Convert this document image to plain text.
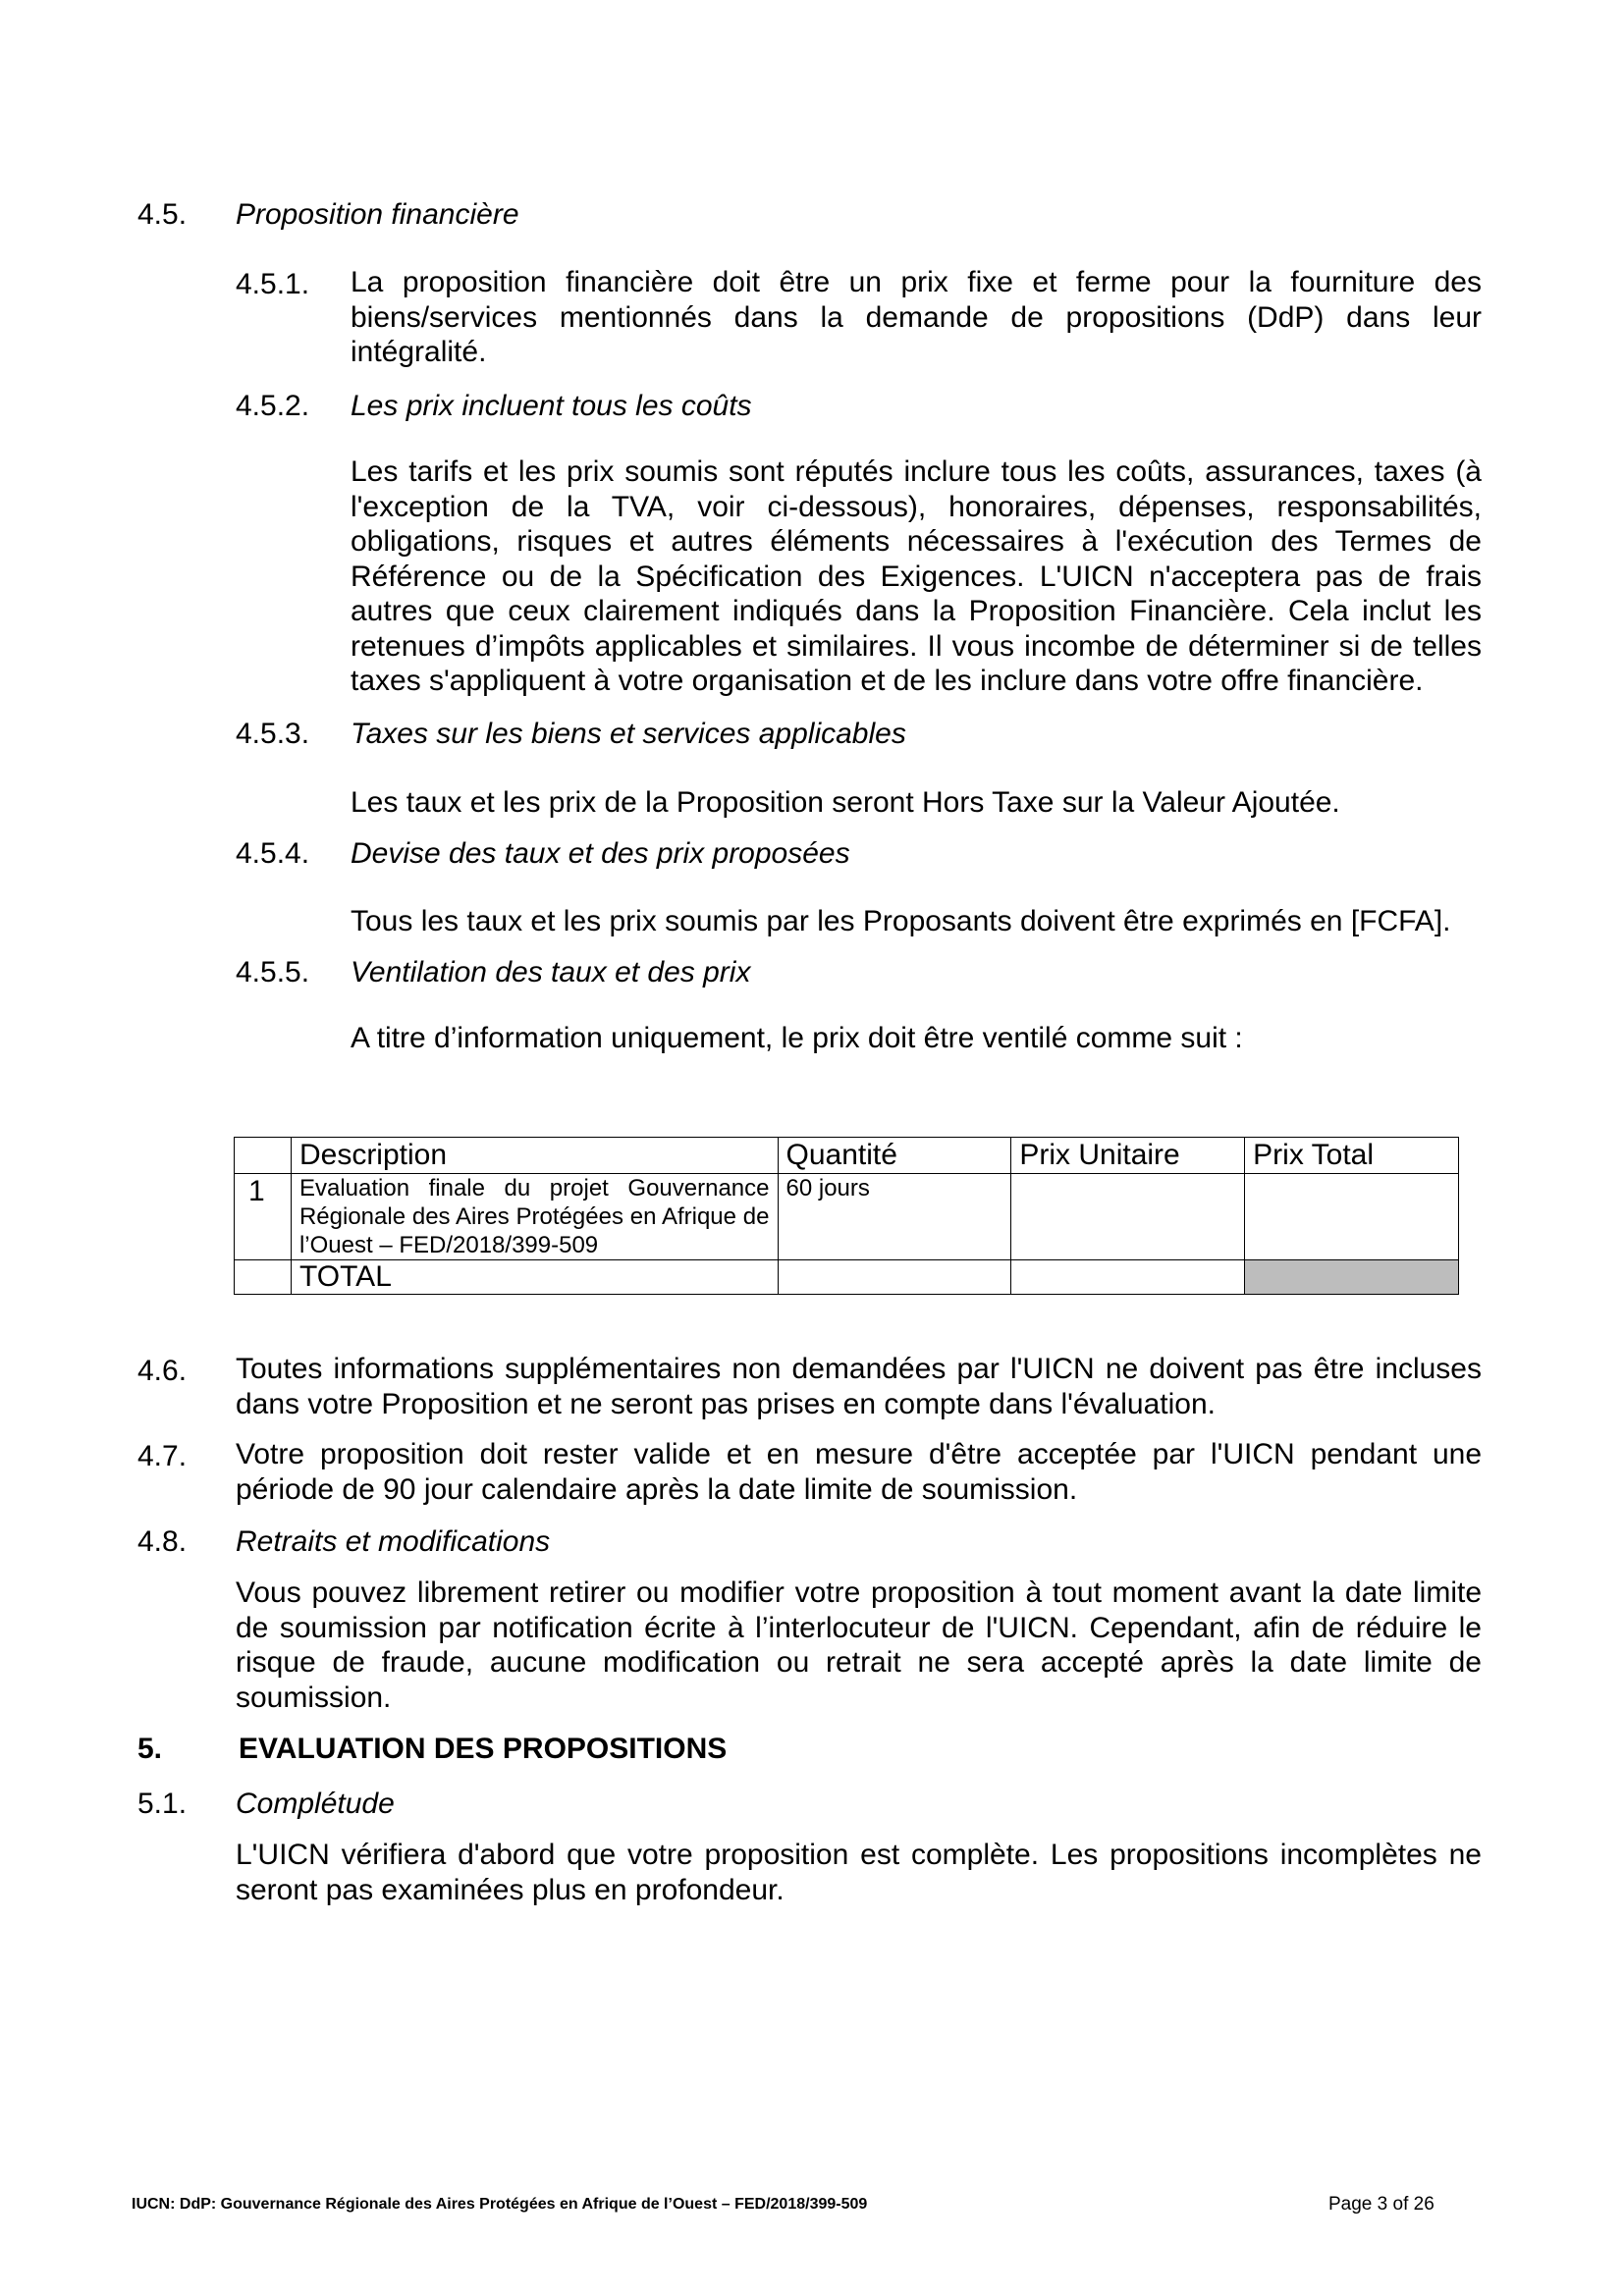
4.5. Proposition financière
4.5.1. La proposition financière doit être un prix fixe et ferme pour la fourniture des biens/services mentionnés dans la demande de propositions (DdP) dans leur intégralité.
4.5.2. Les prix incluent tous les coûts
Les tarifs et les prix soumis sont réputés inclure tous les coûts, assurances, taxes (à l'exception de la TVA, voir ci-dessous), honoraires, dépenses, responsabilités, obligations, risques et autres éléments nécessaires à l'exécution des Termes de Référence ou de la Spécification des Exigences. L'UICN n'acceptera pas de frais autres que ceux clairement indiqués dans la Proposition Financière. Cela inclut les retenues d’impôts applicables et similaires. Il vous incombe de déterminer si de telles taxes s'appliquent à votre organisation et de les inclure dans votre offre financière.
4.5.3. Taxes sur les biens et services applicables
Les taux et les prix de la Proposition seront Hors Taxe sur la Valeur Ajoutée.
4.5.4. Devise des taux et des prix proposées
Tous les taux et les prix soumis par les Proposants doivent être exprimés en [FCFA].
4.5.5. Ventilation des taux et des prix
A titre d’information uniquement, le prix doit être ventilé comme suit :
	Description	Quantité	Prix Unitaire	Prix Total
1	Evaluation finale du projet Gouvernance Régionale des Aires Protégées en Afrique de l’Ouest – FED/2018/399-509	60 jours		
	TOTAL			
4.6. Toutes informations supplémentaires non demandées par l'UICN ne doivent pas être incluses dans votre Proposition et ne seront pas prises en compte dans l'évaluation.
4.7. Votre proposition doit rester valide et en mesure d'être acceptée par l'UICN pendant une période de 90 jour calendaire après la date limite de soumission.
4.8. Retraits et modifications
Vous pouvez librement retirer ou modifier votre proposition à tout moment avant la date limite de soumission par notification écrite à l’interlocuteur de l'UICN. Cependant, afin de réduire le risque de fraude, aucune modification ou retrait ne sera accepté après la date limite de soumission.
5.	EVALUATION DES PROPOSITIONS
5.1. Complétude
L'UICN vérifiera d'abord que votre proposition est complète. Les propositions incomplètes ne seront pas examinées plus en profondeur.
IUCN: DdP: Gouvernance Régionale des Aires Protégées en Afrique de l’Ouest – FED/2018/399-509	Page 3 of 26
